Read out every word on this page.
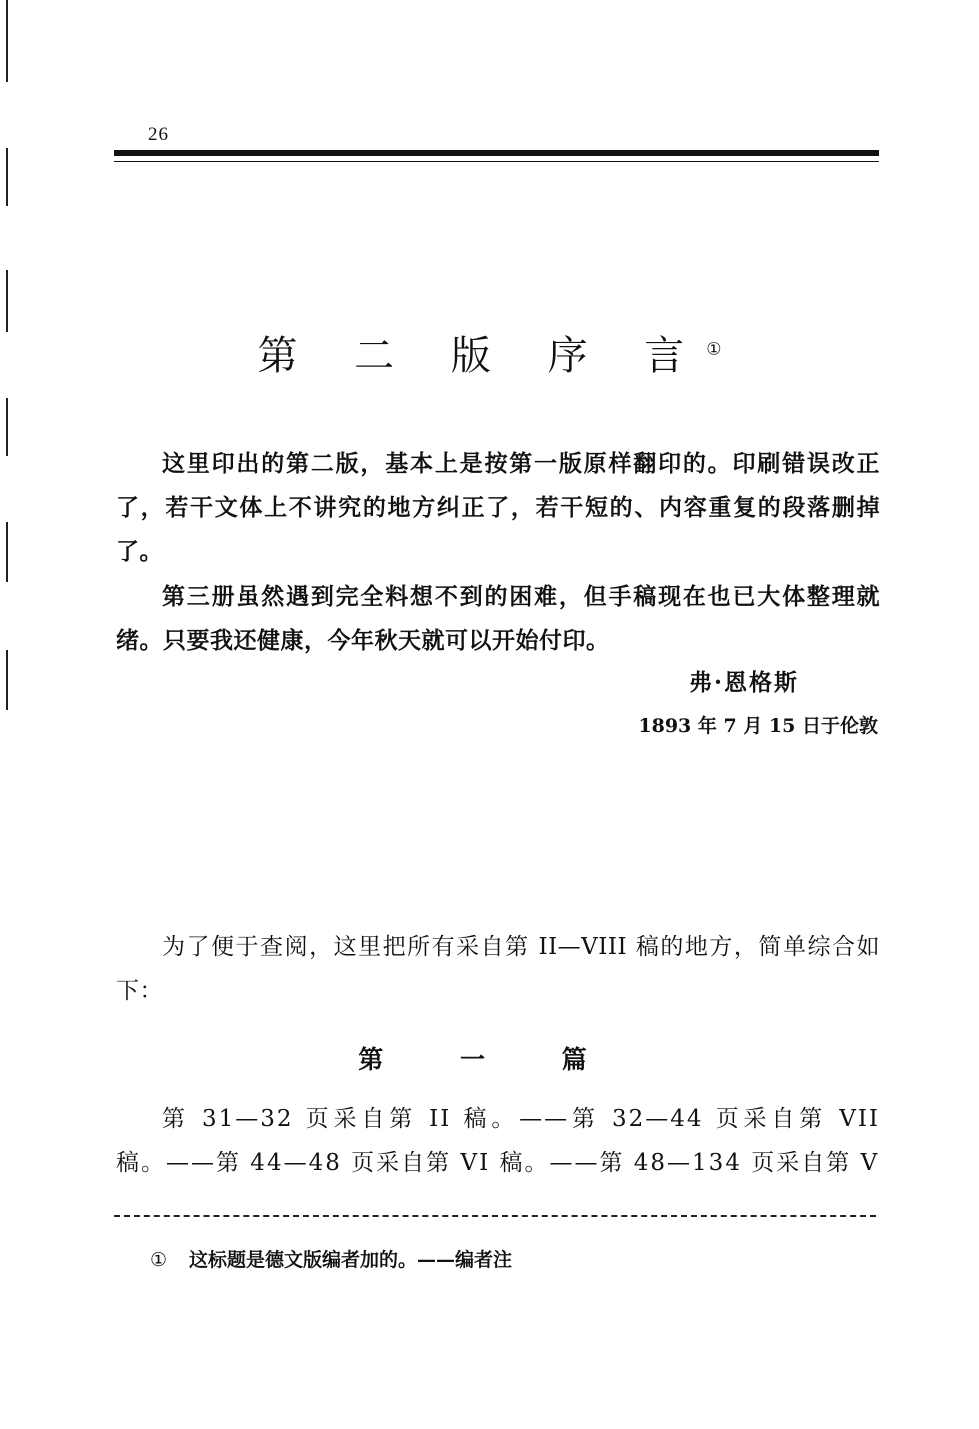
26
第 二 版 序 言①

这里印出的第二版，基本上是按第一版原样翻印的。印刷错误改正了，若干文体上不讲究的地方纠正了，若干短的、内容重复的段落删掉了。

第三册虽然遇到完全料想不到的困难，但手稿现在也已大体整理就绪。只要我还健康，今年秋天就可以开始付印。

弗·恩格斯
1893 年 7 月 15 日于伦敦

为了便于查阅，这里把所有采自第 II—VIII 稿的地方，简单综合如下：

第 一 篇

第 31—32 页采自第 II 稿。——第 32—44 页采自第 VII 稿。——第 44—48 页采自第 VI 稿。——第 48—134 页采自第 V

① 这标题是德文版编者加的。——编者注
